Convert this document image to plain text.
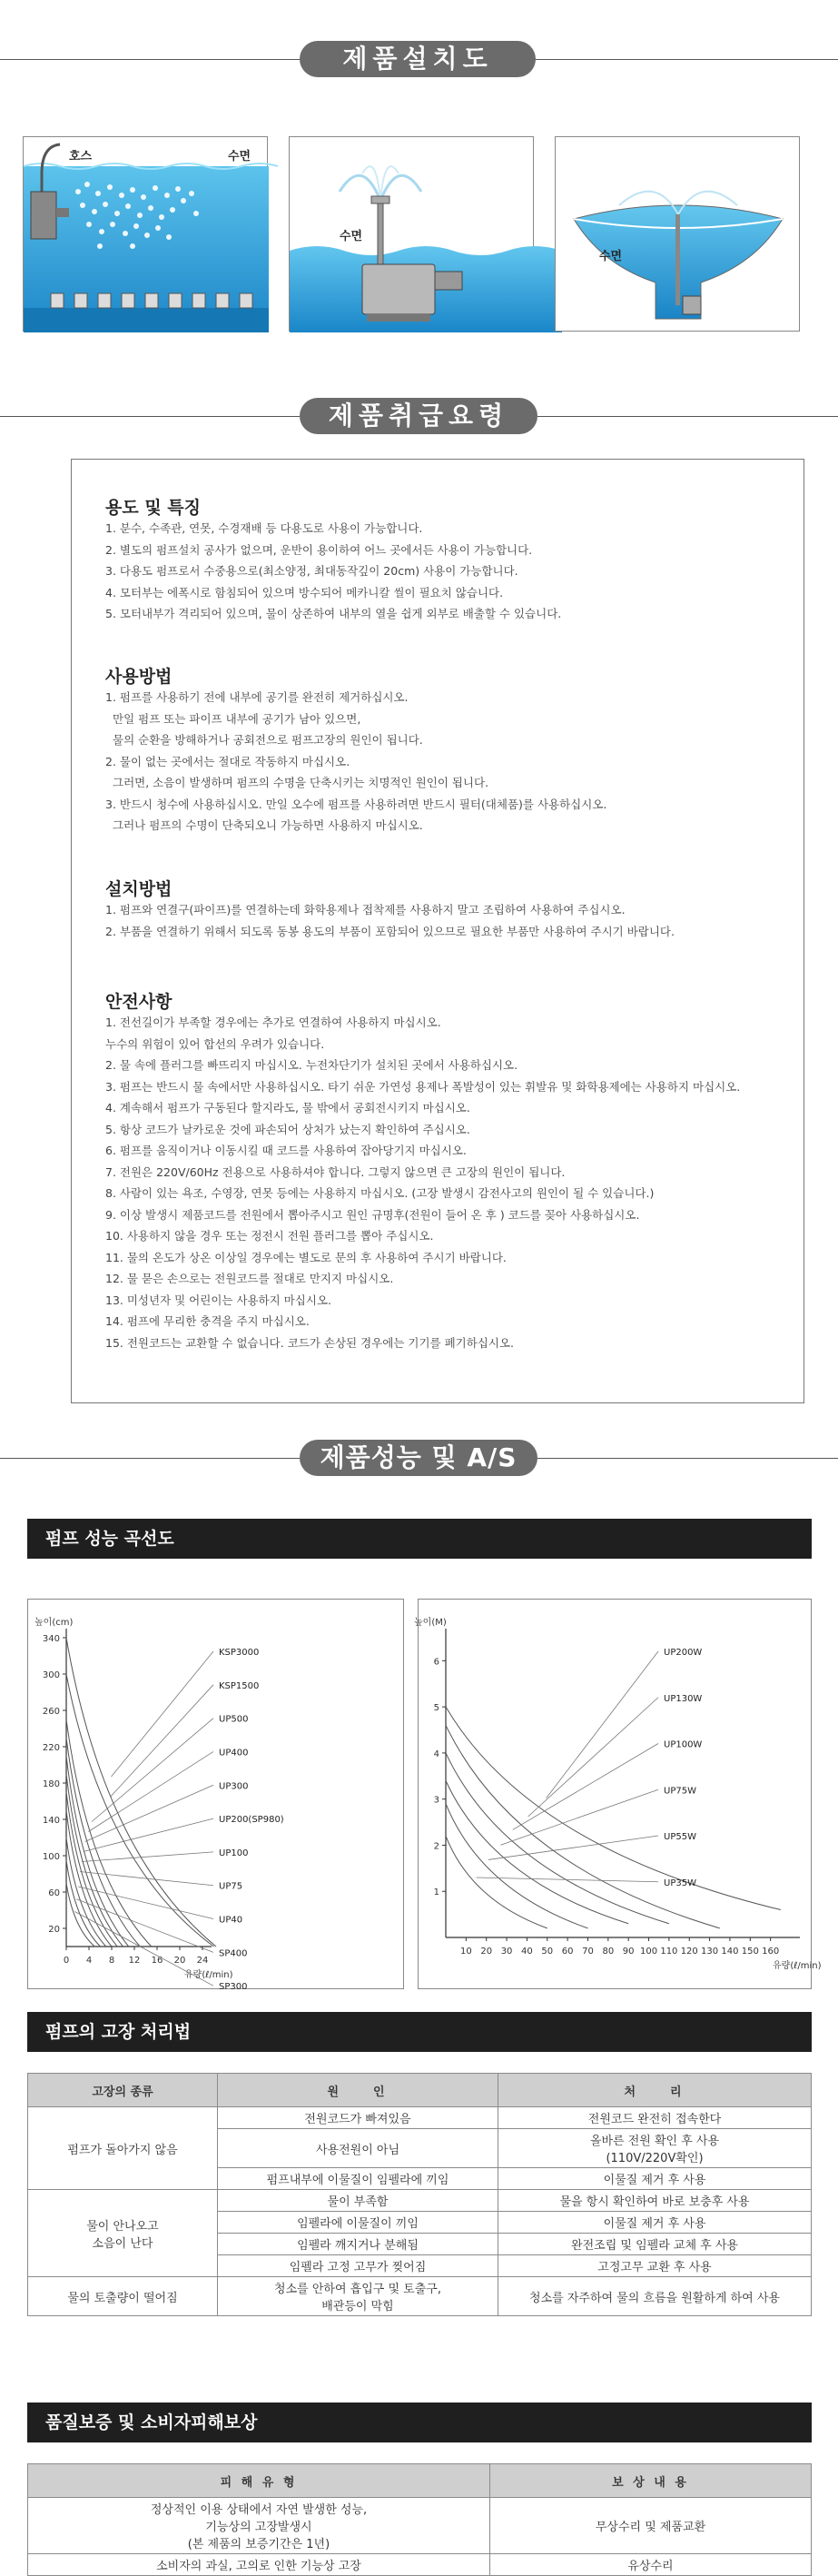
제품설치도
호스	수면
수면
수면
제품취급요령
용도 및 특징
1. 분수, 수족관, 연못, 수경재배 등 다용도로 사용이 가능합니다.
2. 별도의 펌프설치 공사가 없으며, 운반이 용이하여 어느 곳에서든 사용이 가능합니다.
3. 다용도 펌프로서 수중용으로(최소양정, 최대동작깊이 20cm) 사용이 가능합니다.
4. 모터부는 에폭시로 함침되어 있으며 방수되어 메카니칼 씰이 필요치 않습니다.
5. 모터내부가 격리되어 있으며, 물이 상존하여 내부의 열을 쉽게 외부로 배출할 수 있습니다.
사용방법
1. 펌프를 사용하기 전에 내부에 공기를 완전히 제거하십시오.
만일 펌프 또는 파이프 내부에 공기가 남아 있으면,
물의 순환을 방해하거나 공회전으로 펌프고장의 원인이 됩니다.
2. 물이 없는 곳에서는 절대로 작동하지 마십시오.
그러면, 소음이 발생하며 펌프의 수명을 단축시키는 치명적인 원인이 됩니다.
3. 반드시 청수에 사용하십시오. 만일 오수에 펌프를 사용하려면 반드시 필터(대체품)를 사용하십시오.
그러나 펌프의 수명이 단축되오니 가능하면 사용하지 마십시오.
설치방법
1. 펌프와 연결구(파이프)를 연결하는데 화학용제나 접착제를 사용하지 말고 조립하여 사용하여 주십시오.
2. 부품을 연결하기 위해서 되도록 동봉 용도의 부품이 포함되어 있으므로 필요한 부품만 사용하여 주시기 바랍니다.
안전사항
1. 전선길이가 부족할 경우에는 추가로 연결하여 사용하지 마십시오.
누수의 위험이 있어 합선의 우려가 있습니다.
2. 물 속에 플러그를 빠뜨리지 마십시오. 누전차단기가 설치된 곳에서 사용하십시오.
3. 펌프는 반드시 물 속에서만 사용하십시오. 타기 쉬운 가연성 용제나 폭발성이 있는 휘발유 및 화학용제에는 사용하지 마십시오.
4. 계속해서 펌프가 구동된다 할지라도, 물 밖에서 공회전시키지 마십시오.
5. 항상 코드가 날카로운 것에 파손되어 상처가 났는지 확인하여 주십시오.
6. 펌프를 움직이거나 이동시킬 때 코드를 사용하여 잡아당기지 마십시오.
7. 전원은 220V/60Hz 전용으로 사용하셔야 합니다. 그렇지 않으면 큰 고장의 원인이 됩니다.
8. 사람이 있는 욕조, 수영장, 연못 등에는 사용하지 마십시오. (고장 발생시 감전사고의 원인이 될 수 있습니다.)
9. 이상 발생시 제품코드를 전원에서 뽑아주시고 원인 규명후(전원이 들어 온 후 ) 코드를 꽂아 사용하십시오.
10. 사용하지 않을 경우 또는 정전시 전원 플러그를 뽑아 주십시오.
11. 물의 온도가 상온 이상일 경우에는 별도로 문의 후 사용하여 주시기 바랍니다.
12. 물 묻은 손으로는 전원코드를 절대로 만지지 마십시오.
13. 미성년자 및 어린이는 사용하지 마십시오.
14. 펌프에 무리한 충격을 주지 마십시오.
15. 전원코드는 교환할 수 없습니다. 코드가 손상된 경우에는 기기를 폐기하십시오.
제품성능 및 A/S
펌프 성능 곡선도
20
60
100
140
180
220
260
300
340
0 4 8 12 16 20 24
높이(cm)
유량(ℓ/min)
KSP3000
KSP1500
UP500
UP400
UP300
UP200(SP980)
UP100
UP75
UP40
SP400
SP300
1
2
3
4
5
6
10 20 30 40 50 60 70 80 90 100 110 120 130 140 150 160
높이(M)
유량(ℓ/min)
UP200W
UP130W
UP100W
UP75W
UP55W
UP35W
펌프의 고장 처리법
고장의 종류	원　　인	처　　리
펌프가 돌아가지 않음	전원코드가 빠져있음	전원코드 완전히 접속한다
	사용전원이 아님	올바른 전원 확인 후 사용
(110V/220V확인)
	펌프내부에 이물질이 임펠라에 끼임	이물질 제거 후 사용
물이 안나오고
소음이 난다	물이 부족함	물을 항시 확인하여 바로 보충후 사용
	임펠라에 이물질이 끼임	이물질 제거 후 사용
	임펠라 깨지거나 분해됨	완전조립 및 임펠라 교체 후 사용
	임펠라 고정 고무가 찢어짐	고정고무 교환 후 사용
물의 토출량이 떨어짐	청소를 안하여 흡입구 및 토출구,
배관등이 막힘	청소를 자주하여 물의 흐름을 원활하게 하여 사용
품질보증 및 소비자피해보상
피 해 유 형	보 상 내 용
정상적인 이용 상태에서 자연 발생한 성능,
기능상의 고장발생시
(본 제품의 보증기간은 1년)	무상수리 및 제품교환
소비자의 과실, 고의로 인한 기능상 고장	유상수리
